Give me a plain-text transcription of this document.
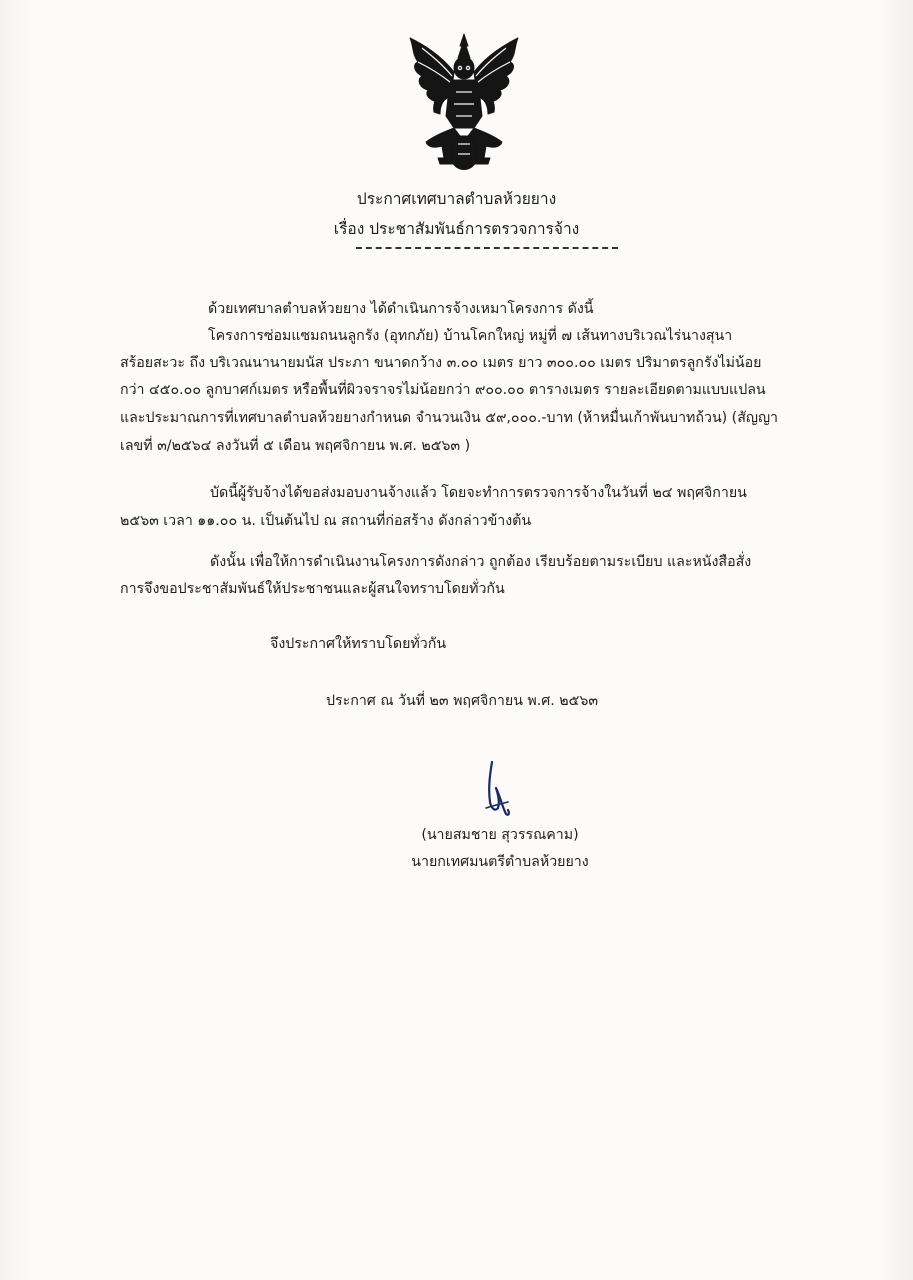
ประกาศเทศบาลตำบลห้วยยาง
เรื่อง ประชาสัมพันธ์การตรวจการจ้าง
ด้วยเทศบาลตำบลห้วยยาง ได้ดำเนินการจ้างเหมาโครงการ ดังนี้
โครงการซ่อมแซมถนนลูกรัง (อุทกภัย) บ้านโคกใหญ่ หมู่ที่ ๗ เส้นทางบริเวณไร่นางสุนา
สร้อยสะวะ ถึง บริเวณนานายมนัส ประภา ขนาดกว้าง ๓.๐๐ เมตร ยาว ๓๐๐.๐๐ เมตร ปริมาตรลูกรังไม่น้อย
กว่า ๔๕๐.๐๐ ลูกบาศก์เมตร หรือพื้นที่ผิวจราจรไม่น้อยกว่า ๙๐๐.๐๐ ตารางเมตร รายละเอียดตามแบบแปลน
และประมาณการที่เทศบาลตำบลห้วยยางกำหนด จำนวนเงิน ๕๙,๐๐๐.-บาท (ห้าหมื่นเก้าพันบาทถ้วน) (สัญญา
เลขที่ ๓/๒๕๖๔ ลงวันที่ ๕ เดือน พฤศจิกายน พ.ศ. ๒๕๖๓ )
บัดนี้ผู้รับจ้างได้ขอส่งมอบงานจ้างแล้ว โดยจะทำการตรวจการจ้างในวันที่ ๒๔ พฤศจิกายน
๒๕๖๓ เวลา ๑๑.๐๐ น. เป็นต้นไป ณ สถานที่ก่อสร้าง ดังกล่าวข้างต้น
ดังนั้น เพื่อให้การดำเนินงานโครงการดังกล่าว ถูกต้อง เรียบร้อยตามระเบียบ และหนังสือสั่ง
การจึงขอประชาสัมพันธ์ให้ประชาชนและผู้สนใจทราบโดยทั่วกัน
จึงประกาศให้ทราบโดยทั่วกัน
ประกาศ ณ วันที่ ๒๓ พฤศจิกายน พ.ศ. ๒๕๖๓
(นายสมชาย สุวรรณคาม)
นายกเทศมนตรีตำบลห้วยยาง
